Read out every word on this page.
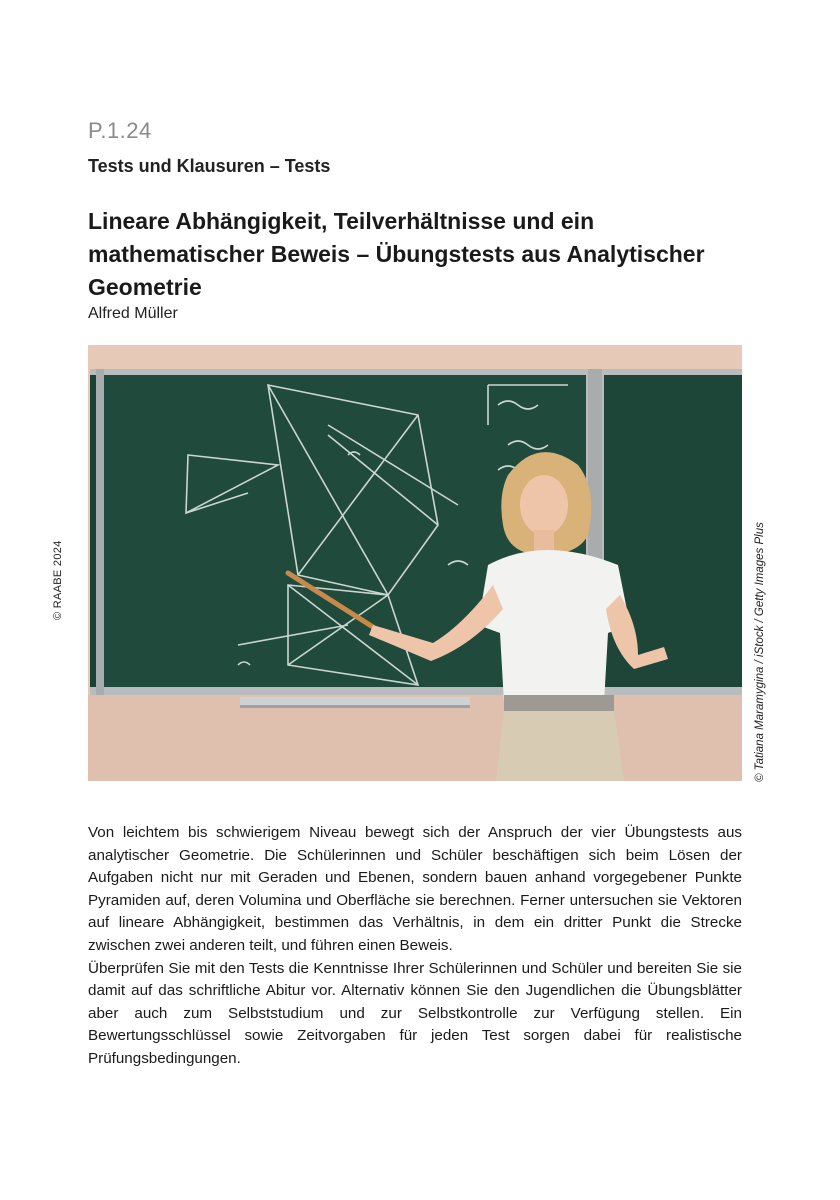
P.1.24
Tests und Klausuren – Tests
Lineare Abhängigkeit, Teilverhältnisse und ein mathematischer Beweis – Übungstests aus Analytischer Geometrie
Alfred Müller
© RAABE 2024	© Tatiana Maramygina / iStock / Getty Images Plus

Von leichtem bis schwierigem Niveau bewegt sich der Anspruch der vier Übungstests aus analytischer Geometrie. Die Schülerinnen und Schüler beschäftigen sich beim Lösen der Aufgaben nicht nur mit Geraden und Ebenen, sondern bauen anhand vorgegebener Punkte Pyramiden auf, deren Volumina und Oberfläche sie berechnen. Ferner untersuchen sie Vektoren auf lineare Abhängigkeit, bestimmen das Verhältnis, in dem ein dritter Punkt die Strecke zwischen zwei anderen teilt, und führen einen Beweis.

Überprüfen Sie mit den Tests die Kenntnisse Ihrer Schülerinnen und Schüler und bereiten Sie sie damit auf das schriftliche Abitur vor. Alternativ können Sie den Jugendlichen die Übungsblätter aber auch zum Selbststudium und zur Selbstkontrolle zur Verfügung stellen. Ein Bewertungsschlüssel sowie Zeitvorgaben für jeden Test sorgen dabei für realistische Prüfungsbedingungen.
